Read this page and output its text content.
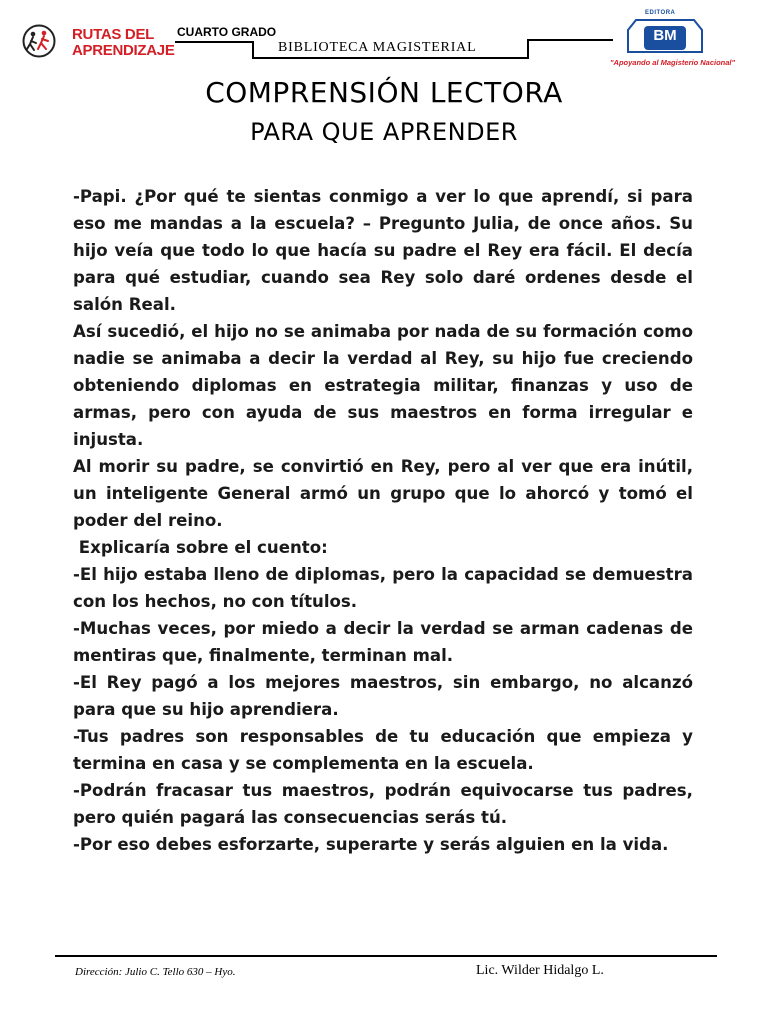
RUTAS DEL
APRENDIZAJE
CUARTO GRADO
BIBLIOTECA MAGISTERIAL
EDITORA
BM
"Apoyando al Magisterio Nacional"
COMPRENSIÓN LECTORA
PARA QUE APRENDER

-Papi. ¿Por qué te sientas conmigo a ver lo que aprendí, si para eso me mandas a la escuela? – Pregunto Julia, de once años. Su hijo veía que todo lo que hacía su padre el Rey era fácil. El decía para qué estudiar, cuando sea Rey solo daré ordenes desde el salón Real.

Así sucedió, el hijo no se animaba por nada de su formación como nadie se animaba a decir la verdad al Rey, su hijo fue creciendo obteniendo diplomas en estrategia militar, finanzas y uso de armas, pero con ayuda de sus maestros en forma irregular e injusta.

Al morir su padre, se convirtió en Rey, pero al ver que era inútil, un inteligente General armó un grupo que lo ahorcó y tomó el poder del reino.

Explicaría sobre el cuento:

-El hijo estaba lleno de diplomas, pero la capacidad se demuestra con los hechos, no con títulos.

-Muchas veces, por miedo a decir la verdad se arman cadenas de mentiras que, finalmente, terminan mal.

-El Rey pagó a los mejores maestros, sin embargo, no alcanzó para que su hijo aprendiera.

-Tus padres son responsables de tu educación que empieza y termina en casa y se complementa en la escuela.

-Podrán fracasar tus maestros, podrán equivocarse tus padres, pero quién pagará las consecuencias serás tú.

-Por eso debes esforzarte, superarte y serás alguien en la vida.

Dirección: Julio C. Tello 630 – Hyo.	Lic. Wilder Hidalgo L.
